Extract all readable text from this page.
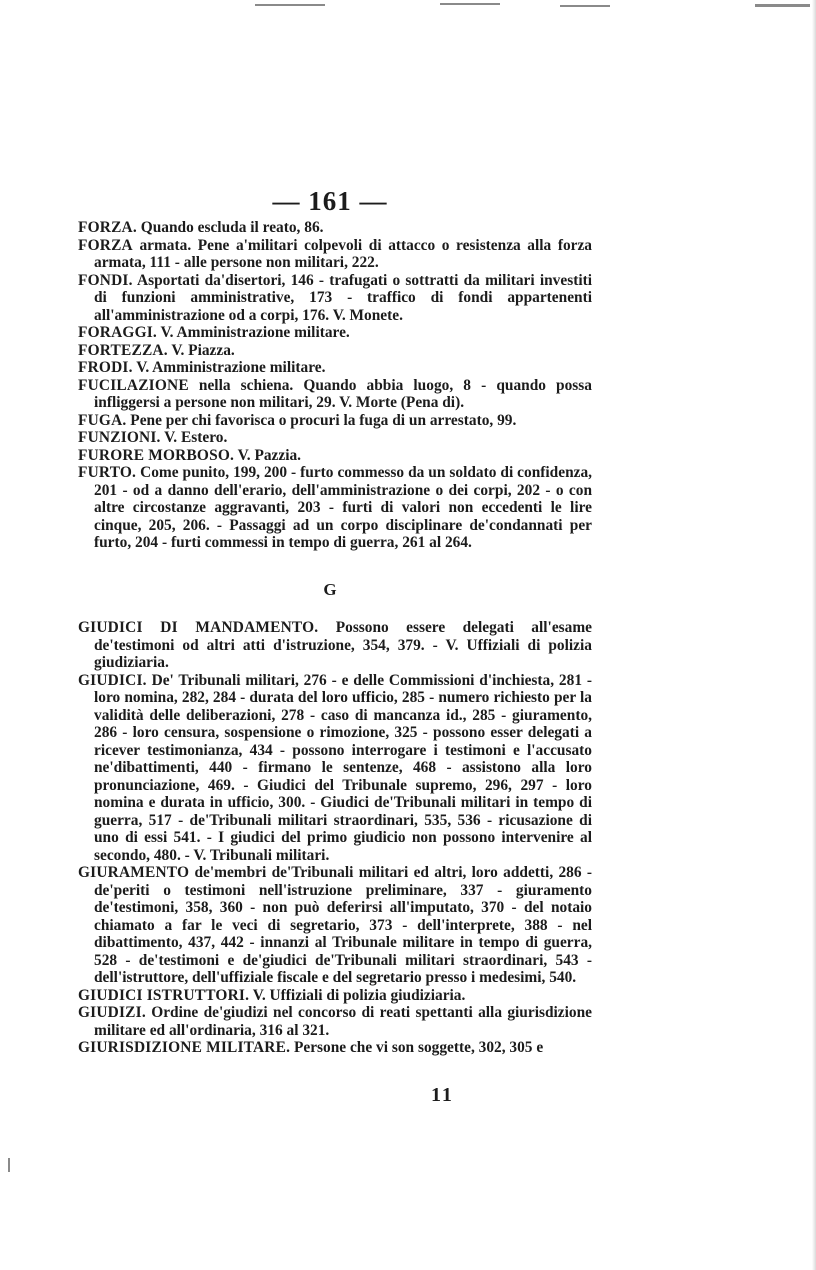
— 161 —

FORZA. Quando escluda il reato, 86.

FORZA armata. Pene a'militari colpevoli di attacco o resistenza alla forza armata, 111 - alle persone non militari, 222.

FONDI. Asportati da'disertori, 146 - trafugati o sottratti da militari investiti di funzioni amministrative, 173 - traffico di fondi appartenenti all'amministrazione od a corpi, 176. V. Monete.

FORAGGI. V. Amministrazione militare.

FORTEZZA. V. Piazza.

FRODI. V. Amministrazione militare.

FUCILAZIONE nella schiena. Quando abbia luogo, 8 - quando possa infliggersi a persone non militari, 29. V. Morte (Pena di).

FUGA. Pene per chi favorisca o procuri la fuga di un arrestato, 99.

FUNZIONI. V. Estero.

FURORE MORBOSO. V. Pazzia.

FURTO. Come punito, 199, 200 - furto commesso da un soldato di confidenza, 201 - od a danno dell'erario, dell'amministrazione o dei corpi, 202 - o con altre circostanze aggravanti, 203 - furti di valori non eccedenti le lire cinque, 205, 206. - Passaggi ad un corpo disciplinare de'condannati per furto, 204 - furti commessi in tempo di guerra, 261 al 264.

G

GIUDICI DI MANDAMENTO. Possono essere delegati all'esame de'testimoni od altri atti d'istruzione, 354, 379. - V. Uffiziali di polizia giudiziaria.

GIUDICI. De' Tribunali militari, 276 - e delle Commissioni d'inchiesta, 281 - loro nomina, 282, 284 - durata del loro ufficio, 285 - numero richiesto per la validità delle deliberazioni, 278 - caso di mancanza id., 285 - giuramento, 286 - loro censura, sospensione o rimozione, 325 - possono esser delegati a ricever testimonianza, 434 - possono interrogare i testimoni e l'accusato ne'dibattimenti, 440 - firmano le sentenze, 468 - assistono alla loro pronunciazione, 469. - Giudici del Tribunale supremo, 296, 297 - loro nomina e durata in ufficio, 300. - Giudici de'Tribunali militari in tempo di guerra, 517 - de'Tribunali militari straordinari, 535, 536 - ricusazione di uno di essi 541. - I giudici del primo giudicio non possono intervenire al secondo, 480. - V. Tribunali militari.

GIURAMENTO de'membri de'Tribunali militari ed altri, loro addetti, 286 - de'periti o testimoni nell'istruzione preliminare, 337 - giuramento de'testimoni, 358, 360 - non può deferirsi all'imputato, 370 - del notaio chiamato a far le veci di segretario, 373 - dell'interprete, 388 - nel dibattimento, 437, 442 - innanzi al Tribunale militare in tempo di guerra, 528 - de'testimoni e de'giudici de'Tribunali militari straordinari, 543 - dell'istruttore, dell'uffiziale fiscale e del segretario presso i medesimi, 540.

GIUDICI ISTRUTTORI. V. Uffiziali di polizia giudiziaria.

GIUDIZI. Ordine de'giudizi nel concorso di reati spettanti alla giurisdizione militare ed all'ordinaria, 316 al 321.

GIURISDIZIONE MILITARE. Persone che vi son soggette, 302, 305 e

11
